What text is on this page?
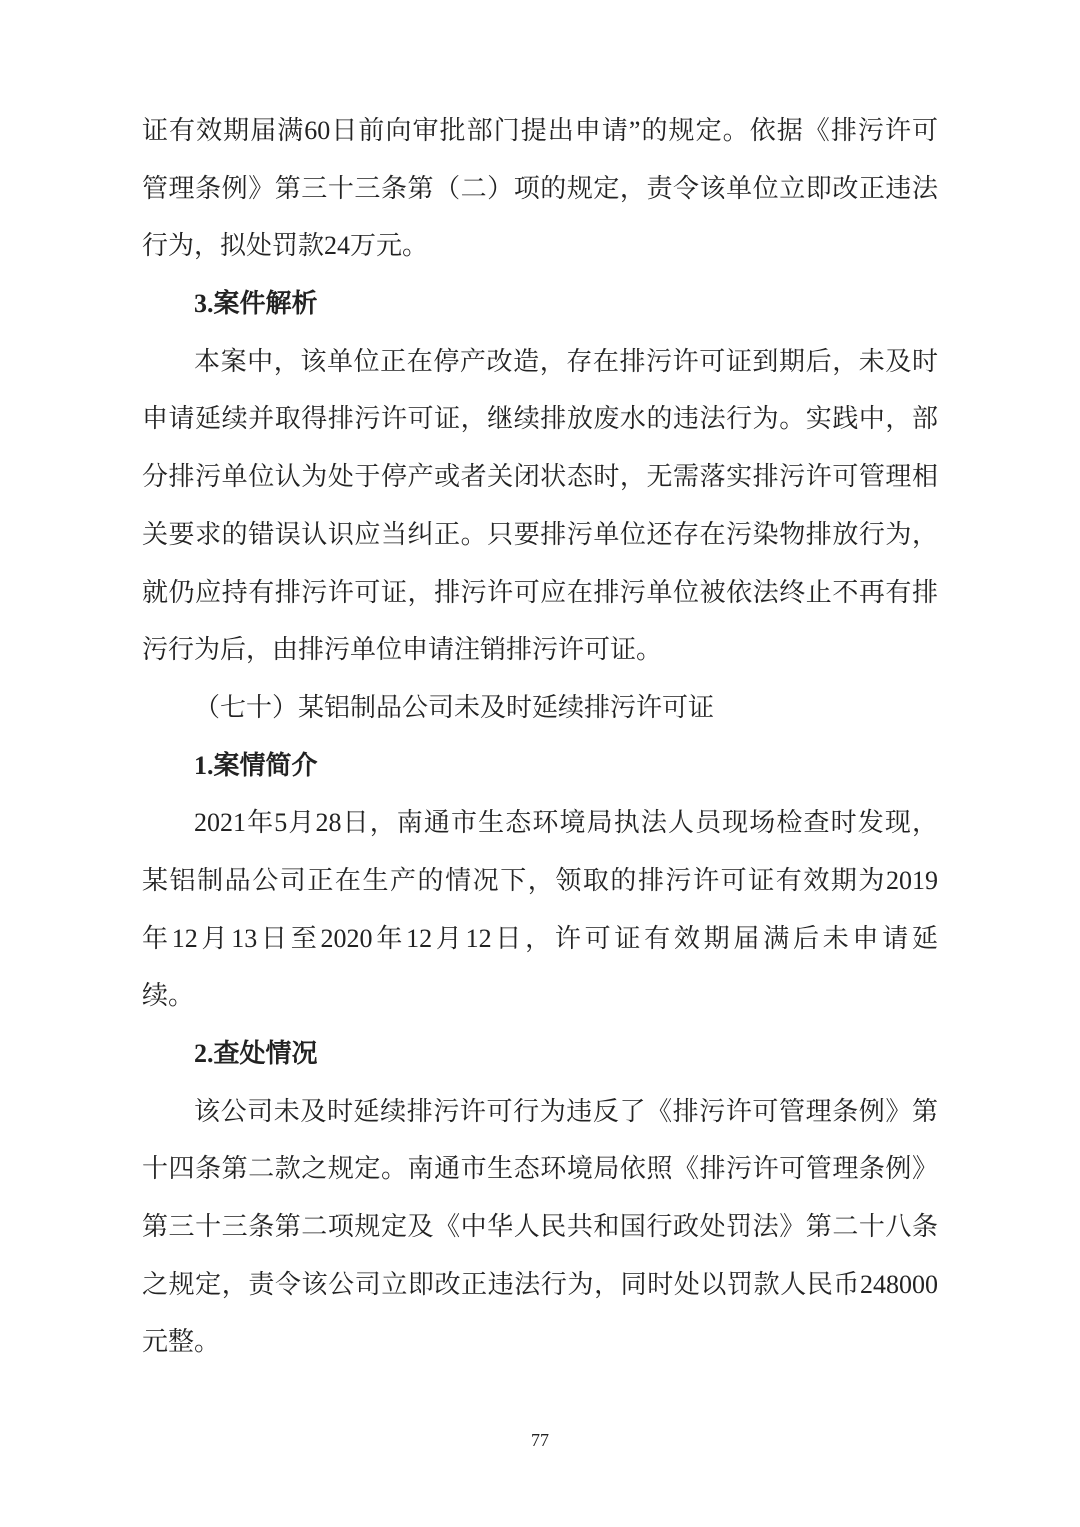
证有效期届满60日前向审批部门提出申请”的规定。依据《排污许可
管理条例》第三十三条第（二）项的规定，责令该单位立即改正违法
行为，拟处罚款24万元。
3.案件解析
本案中，该单位正在停产改造，存在排污许可证到期后，未及时
申请延续并取得排污许可证，继续排放废水的违法行为。实践中，部
分排污单位认为处于停产或者关闭状态时，无需落实排污许可管理相
关要求的错误认识应当纠正。只要排污单位还存在污染物排放行为，
就仍应持有排污许可证，排污许可应在排污单位被依法终止不再有排
污行为后，由排污单位申请注销排污许可证。
（七十）某铝制品公司未及时延续排污许可证
1.案情简介
2021年5月28日，南通市生态环境局执法人员现场检查时发现，
某铝制品公司正在生产的情况下，领取的排污许可证有效期为2019
年12月13日至2020年12月12日，许可证有效期届满后未申请延
续。
2.查处情况
该公司未及时延续排污许可行为违反了《排污许可管理条例》第
十四条第二款之规定。南通市生态环境局依照《排污许可管理条例》
第三十三条第二项规定及《中华人民共和国行政处罚法》第二十八条
之规定，责令该公司立即改正违法行为，同时处以罚款人民币248000
元整。
77
